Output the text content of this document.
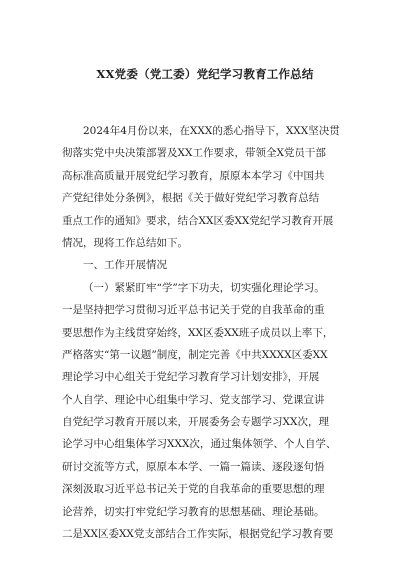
XX党委（党工委）党纪学习教育工作总结
2024年4月份以来，在XXX的悉心指导下，XXX坚决贯
彻落实党中央决策部署及XX工作要求，带领全X党员干部
高标准高质量开展党纪学习教育，原原本本学习《中国共
产党纪律处分条例》，根据《关于做好党纪学习教育总结
重点工作的通知》要求，结合XX区委XX党纪学习教育开展
情况，现将工作总结如下。
一、工作开展情况
（一）紧紧盯牢“学”字下功夫，切实强化理论学习。
一是坚持把学习贯彻习近平总书记关于党的自我革命的重
要思想作为主线贯穿始终，XX区委XX班子成员以上率下，
严格落实“第一议题”制度，制定完善《中共XXXX区委XX
理论学习中心组关于党纪学习教育学习计划安排》，开展
个人自学、理论中心组集中学习、党支部学习、党课宣讲
自党纪学习教育开展以来，开展委务会专题学习XX次，理
论学习中心组集体学习XXX次，通过集体领学、个人自学、
研讨交流等方式，原原本本学、一篇一篇读、逐段逐句悟
深刻汲取习近平总书记关于党的自我革命的重要思想的理
论营养，切实打牢党纪学习教育的思想基础、理论基础。
二是XX区委XX党支部结合工作实际，根据党纪学习教育要
